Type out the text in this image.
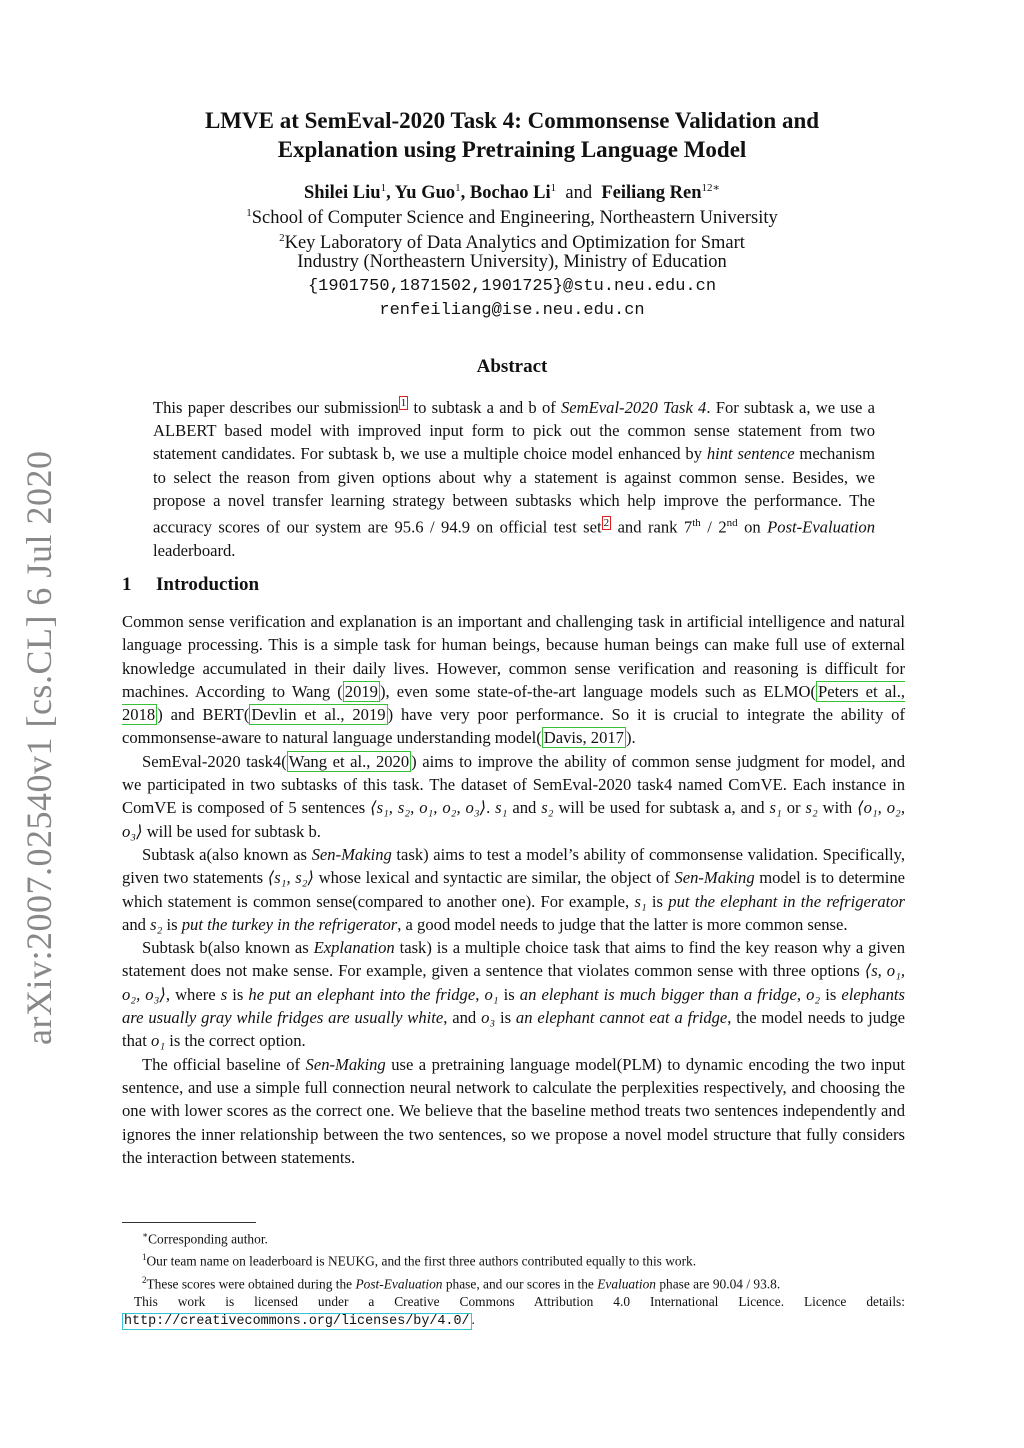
arXiv:2007.02540v1 [cs.CL] 6 Jul 2020
LMVE at SemEval-2020 Task 4: Commonsense Validation and
Explanation using Pretraining Language Model
Shilei Liu$^1$, Yu Guo$^1$, Bochao Li$^1$ and Feiliang Ren$^{12∗}$
$^1$School of Computer Science and Engineering, Northeastern University
$^2$Key Laboratory of Data Analytics and Optimization for Smart
Industry (Northeastern University), Ministry of Education
{1901750,1871502,1901725}@stu.neu.edu.cn
renfeiliang@ise.neu.edu.cn
Abstract
This paper describes our submission $^1$ to subtask a and b of SemEval-2020 Task 4. For subtask a, we use a ALBERT based model with improved input form to pick out the common sense statement from two statement candidates. For subtask b, we use a multiple choice model enhanced by hint sentence mechanism to select the reason from given options about why a statement is against common sense. Besides, we propose a novel transfer learning strategy between subtasks which help improve the performance. The accuracy scores of our system are 95.6 / 94.9 on official test set $^2$ and rank 7th / 2nd on Post-Evaluation leaderboard.
1 Introduction

Common sense verification and explanation is an important and challenging task in artificial intelligence and natural language processing. This is a simple task for human beings, because human beings can make full use of external knowledge accumulated in their daily lives. However, common sense verification and reasoning is difficult for machines. According to Wang ( 2019 ), even some state-of-the-art language models such as ELMO( Peters et al., 2018 ) and BERT( Devlin et al., 2019 ) have very poor performance. So it is crucial to integrate the ability of commonsense-aware to natural language understanding model( Davis, 2017 ).

SemEval-2020 task4( Wang et al., 2020 ) aims to improve the ability of common sense judgment for model, and we participated in two subtasks of this task. The dataset of SemEval-2020 task4 named ComVE. Each instance in ComVE is composed of 5 sentences ⟨s₁, s₂, o₁, o₂, o₃⟩. s₁ and s₂ will be used for subtask a, and s₁ or s₂ with ⟨o₁, o₂, o₃⟩ will be used for subtask b.

Subtask a(also known as Sen-Making task) aims to test a model’s ability of commonsense validation. Specifically, given two statements ⟨s₁, s₂⟩ whose lexical and syntactic are similar, the object of Sen-Making model is to determine which statement is common sense(compared to another one). For example, s₁ is put the elephant in the refrigerator and s₂ is put the turkey in the refrigerator, a good model needs to judge that the latter is more common sense.

Subtask b(also known as Explanation task) is a multiple choice task that aims to find the key reason why a given statement does not make sense. For example, given a sentence that violates common sense with three options ⟨s, o₁, o₂, o₃⟩, where s is he put an elephant into the fridge, o₁ is an elephant is much bigger than a fridge, o₂ is elephants are usually gray while fridges are usually white, and o₃ is an elephant cannot eat a fridge, the model needs to judge that o₁ is the correct option.

The official baseline of Sen-Making use a pretraining language model(PLM) to dynamic encoding the two input sentence, and use a simple full connection neural network to calculate the perplexities respectively, and choosing the one with lower scores as the correct one. We believe that the baseline method treats two sentences independently and ignores the inner relationship between the two sentences, so we propose a novel model structure that fully considers the interaction between statements.

∗Corresponding author.
$^1$Our team name on leaderboard is NEUKG, and the first three authors contributed equally to this work.
$^2$These scores were obtained during the Post-Evaluation phase, and our scores in the Evaluation phase are 90.04 / 93.8.
This work is licensed under a Creative Commons Attribution 4.0 International Licence. Licence details: http://creativecommons.org/licenses/by/4.0/ .
